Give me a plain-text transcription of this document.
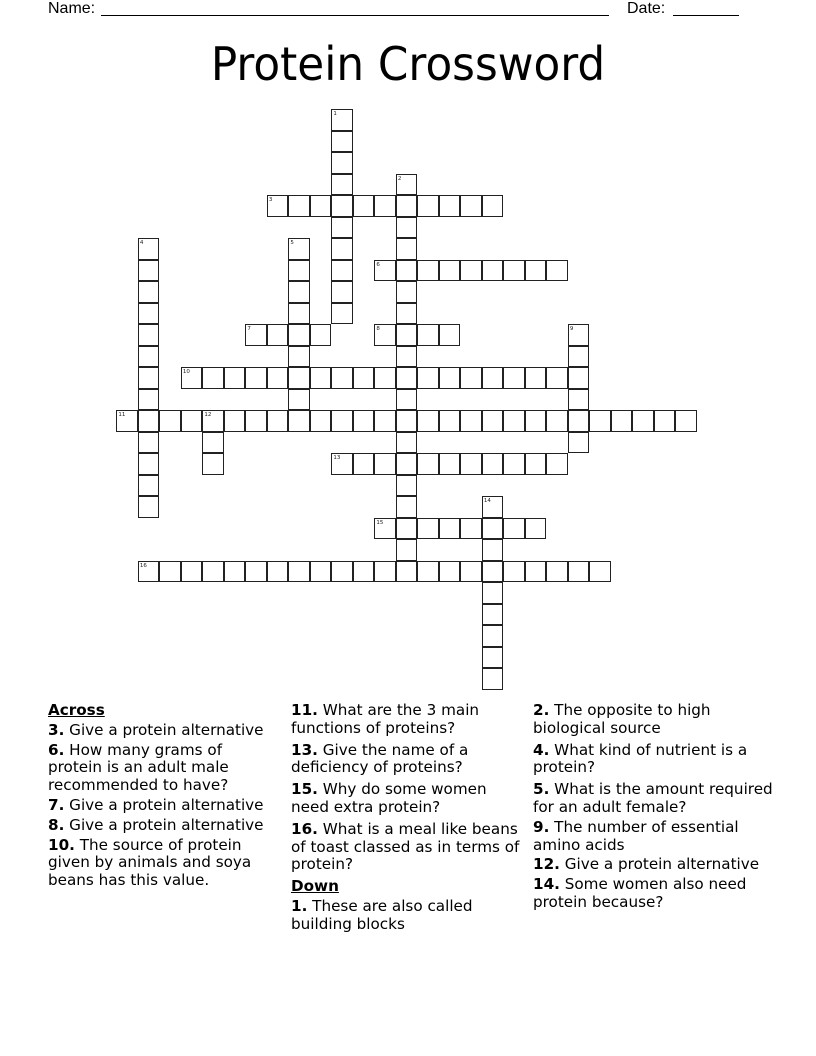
Name:	Date:
Protein Crossword
1
2
3
4	5
6
7	8	9
10
11	12
13
14
15
16
Across
3. Give a protein alternative
6. How many grams of protein is an adult male recommended to have?
7. Give a protein alternative
8. Give a protein alternative
10. The source of protein given by animals and soya beans has this value.
11. What are the 3 main functions of proteins?
13. Give the name of a deficiency of proteins?
15. Why do some women need extra protein?
16. What is a meal like beans of toast classed as in terms of protein?
Down
1. These are also called building blocks
2. The opposite to high biological source
4. What kind of nutrient is a protein?
5. What is the amount required for an adult female?
9. The number of essential amino acids
12. Give a protein alternative
14. Some women also need protein because?
